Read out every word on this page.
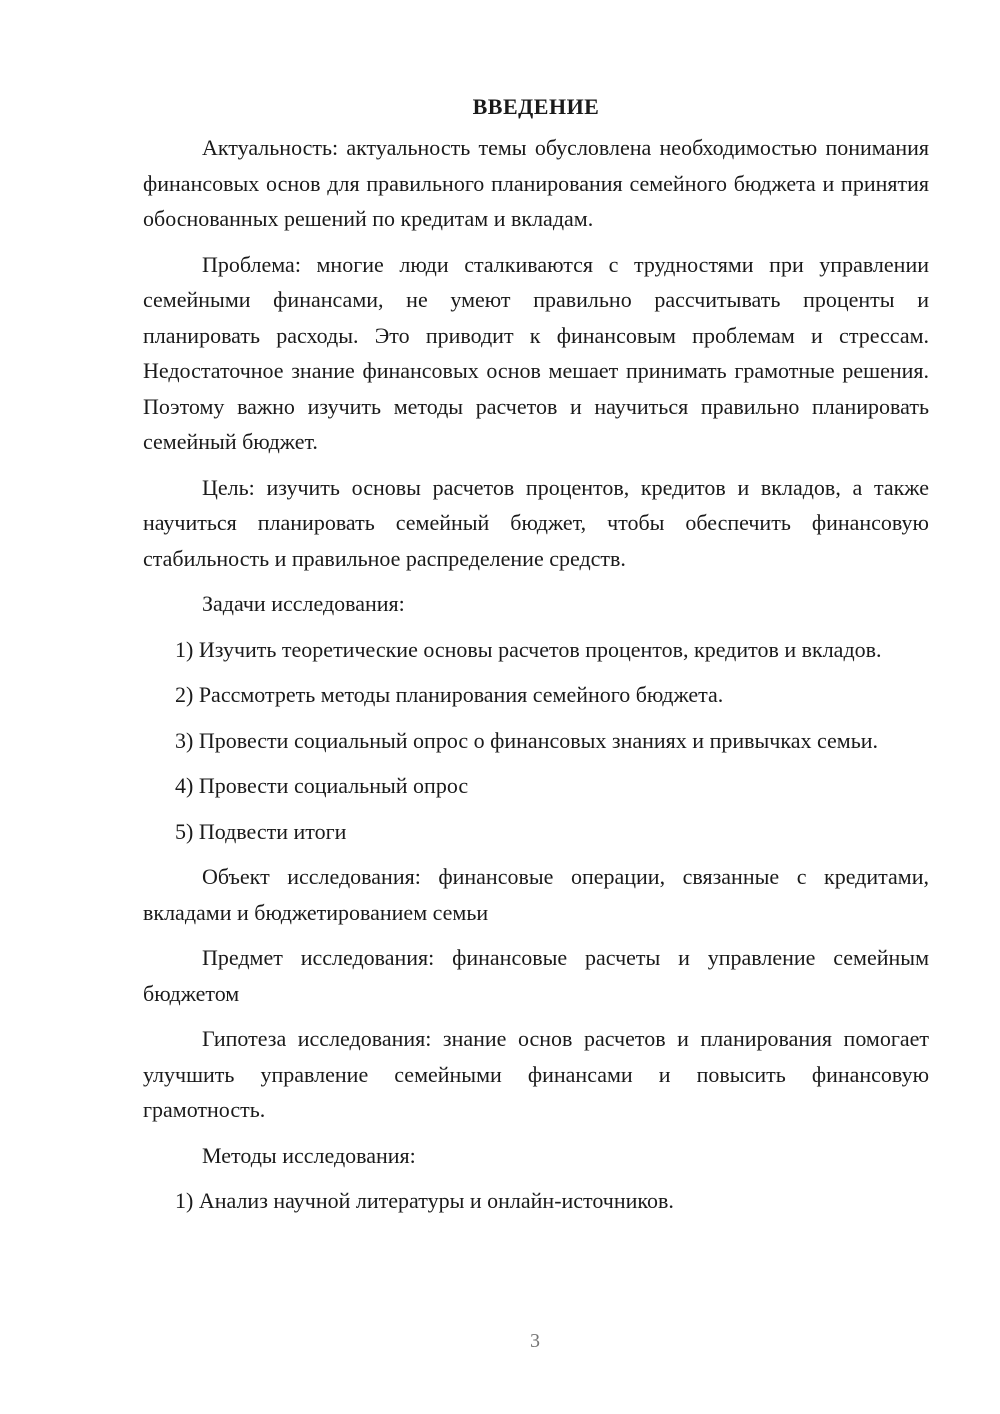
ВВЕДЕНИЕ

Актуальность: актуальность темы обусловлена необходимостью понимания финансовых основ для правильного планирования семейного бюджета и принятия обоснованных решений по кредитам и вкладам.

Проблема: многие люди сталкиваются с трудностями при управлении семейными финансами, не умеют правильно рассчитывать проценты и планировать расходы. Это приводит к финансовым проблемам и стрессам. Недостаточное знание финансовых основ мешает принимать грамотные решения. Поэтому важно изучить методы расчетов и научиться правильно планировать семейный бюджет.

Цель: изучить основы расчетов процентов, кредитов и вкладов, а также научиться планировать семейный бюджет, чтобы обеспечить финансовую стабильность и правильное распределение средств.

Задачи исследования:

1) Изучить теоретические основы расчетов процентов, кредитов и вкладов.

2) Рассмотреть методы планирования семейного бюджета.

3) Провести социальный опрос о финансовых знаниях и привычках семьи.

4) Провести социальный опрос

5) Подвести итоги

Объект исследования: финансовые операции, связанные с кредитами, вкладами и бюджетированием семьи

Предмет исследования: финансовые расчеты и управление семейным бюджетом

Гипотеза исследования: знание основ расчетов и планирования помогает улучшить управление семейными финансами и повысить финансовую грамотность.

Методы исследования:

1) Анализ научной литературы и онлайн-источников.

3
